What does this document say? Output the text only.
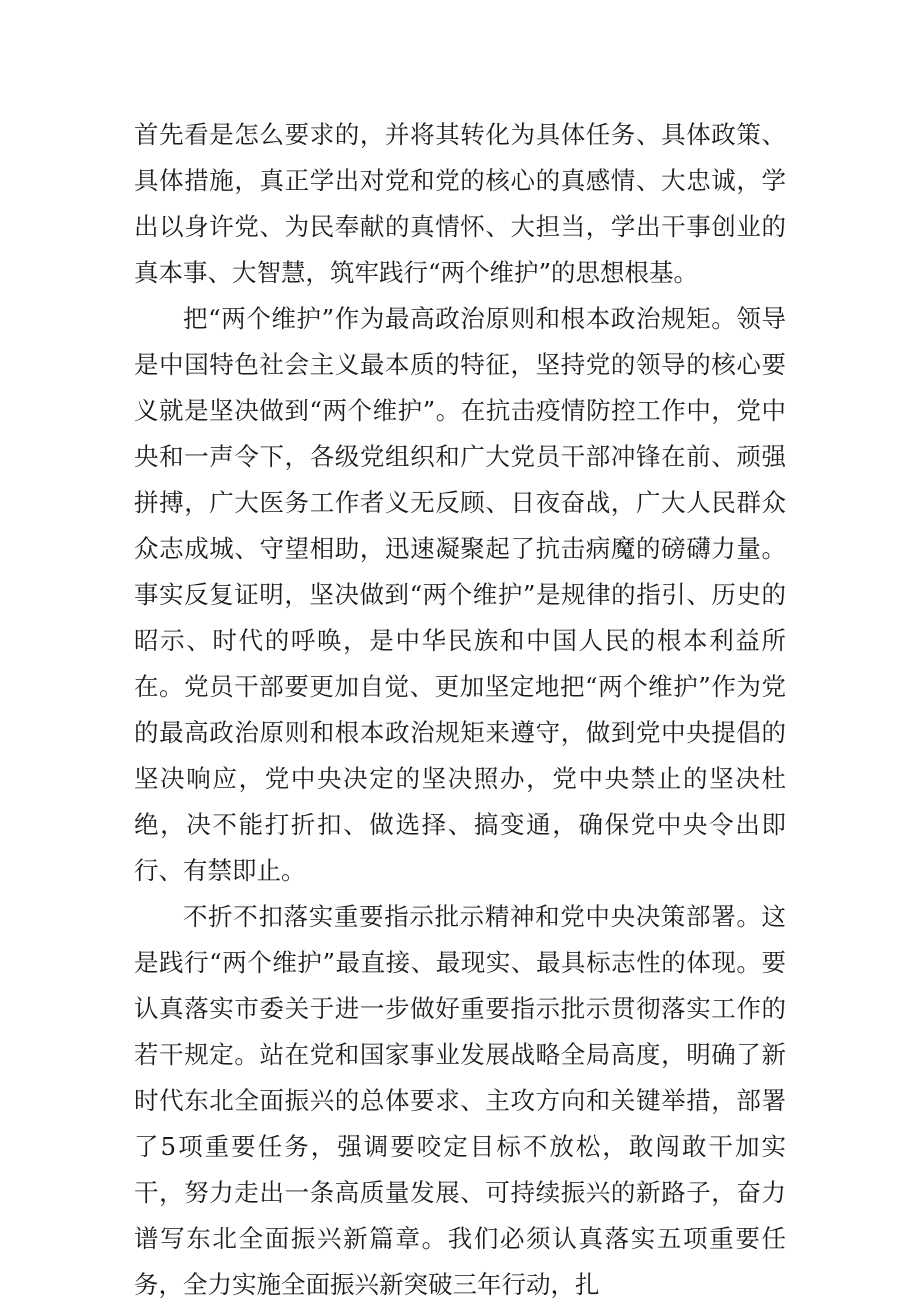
首先看是怎么要求的，并将其转化为具体任务、具体政策、具体措施，真正学出对党和党的核心的真感情、大忠诚，学出以身许党、为民奉献的真情怀、大担当，学出干事创业的真本事、大智慧，筑牢践行“两个维护”的思想根基。

把“两个维护”作为最高政治原则和根本政治规矩。领导是中国特色社会主义最本质的特征，坚持党的领导的核心要义就是坚决做到“两个维护”。在抗击疫情防控工作中，党中央和一声令下，各级党组织和广大党员干部冲锋在前、顽强拼搏，广大医务工作者义无反顾、日夜奋战，广大人民群众众志成城、守望相助，迅速凝聚起了抗击病魔的磅礴力量。事实反复证明，坚决做到“两个维护”是规律的指引、历史的昭示、时代的呼唤，是中华民族和中国人民的根本利益所在。党员干部要更加自觉、更加坚定地把“两个维护”作为党的最高政治原则和根本政治规矩来遵守，做到党中央提倡的坚决响应，党中央决定的坚决照办，党中央禁止的坚决杜绝，决不能打折扣、做选择、搞变通，确保党中央令出即行、有禁即止。

不折不扣落实重要指示批示精神和党中央决策部署。这是践行“两个维护”最直接、最现实、最具标志性的体现。要认真落实市委关于进一步做好重要指示批示贯彻落实工作的若干规定。站在党和国家事业发展战略全局高度，明确了新时代东北全面振兴的总体要求、主攻方向和关键举措，部署了5项重要任务，强调要咬定目标不放松，敢闯敢干加实干，努力走出一条高质量发展、可持续振兴的新路子，奋力谱写东北全面振兴新篇章。我们必须认真落实五项重要任务，全力实施全面振兴新突破三年行动，扎
